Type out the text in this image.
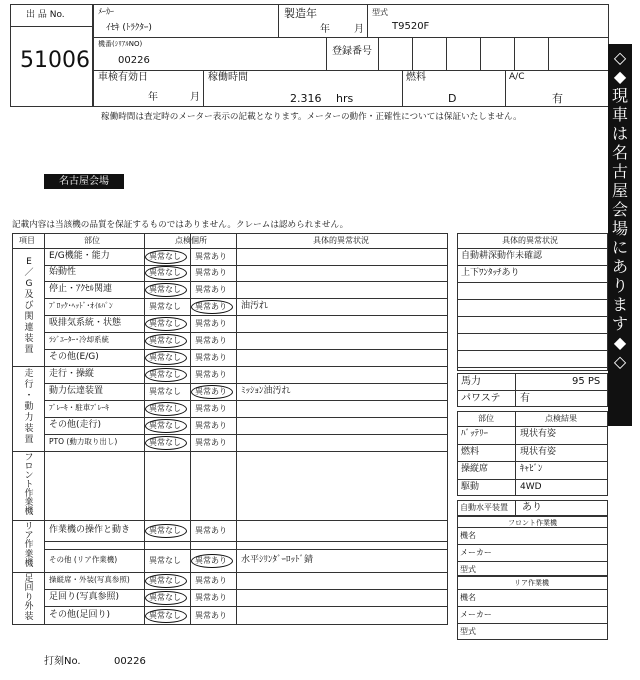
出 品 No.
51006
ﾒｰｶｰ
ｲｾｷ (ﾄﾗｸﾀｰ)
製造年
年 月
型式
T9520F
機番(ｼﾘｱﾙNO)
00226
登録番号
車検有効日
年	月
稼働時間
2.316 hrs
燃料
D
A/C
有
稼働時間は査定時のメーター表示の記載となります。メーターの動作・正確性については保証いたしません。
◇
◆
現
車
は
名
古
屋
会
場
に
あ
り
ま
す
◆
◇
名古屋会場
記載内容は当該機の品質を保証するものではありません。クレームは認められません。
項目	部位	点検個所	具体的異常状況
E/G機能・能力	異常なし 異常あり
始動性	異常なし 異常あり
停止・ｱｸｾﾙ関連	異常なし 異常あり
ﾌﾞﾛｯｸ･ﾍｯﾄﾞ･ｵｲﾙﾊﾟﾝ	異常なし 異常あり 油汚れ
吸排気系統・状態	異常なし 異常あり
ﾗｼﾞｴｰﾀｰ･冷却系統	異常なし 異常あり
その他(E/G)	異常なし 異常あり
走行・操縦	異常なし 異常あり
動力伝達装置	異常なし 異常あり ﾐｯｼｮﾝ油汚れ
ﾌﾞﾚｰｷ・駐車ﾌﾞﾚｰｷ	異常なし 異常あり
その他(走行)	異常なし 異常あり
PTO (動力取り出し)	異常なし 異常あり
作業機の操作と動き 異常なし 異常あり
その他 (リア作業機)	異常なし 異常あり 水平ｼﾘﾝﾀﾞｰﾛｯﾄﾞ錆
操縦席・外装(写真参照) 異常なし 異常あり
足回り(写真参照)	異常なし 異常あり
その他(足回り)	異常なし 異常あり
E
／
G
及
び
関
連
装
置
走
行
・
動
力
装
置
フ
ロ
ン
ト
作
業
機
リ
ア
作
業
機
足
回
り
外
装
具体的異常状況
自動耕深動作未確認
上下ﾜﾝﾀｯﾁあり
馬力	95 PS
パワステ 有
部位	点検結果
ﾊﾞｯﾃﾘｰ	現状有姿
燃料	現状有姿
操縦席	ｷｬﾋﾞﾝ
駆動	4WD
自動水平装置 あり
フロント作業機
リア作業機
機名
メーカー
型式
機名
メーカー
型式
打刻No.	00226
